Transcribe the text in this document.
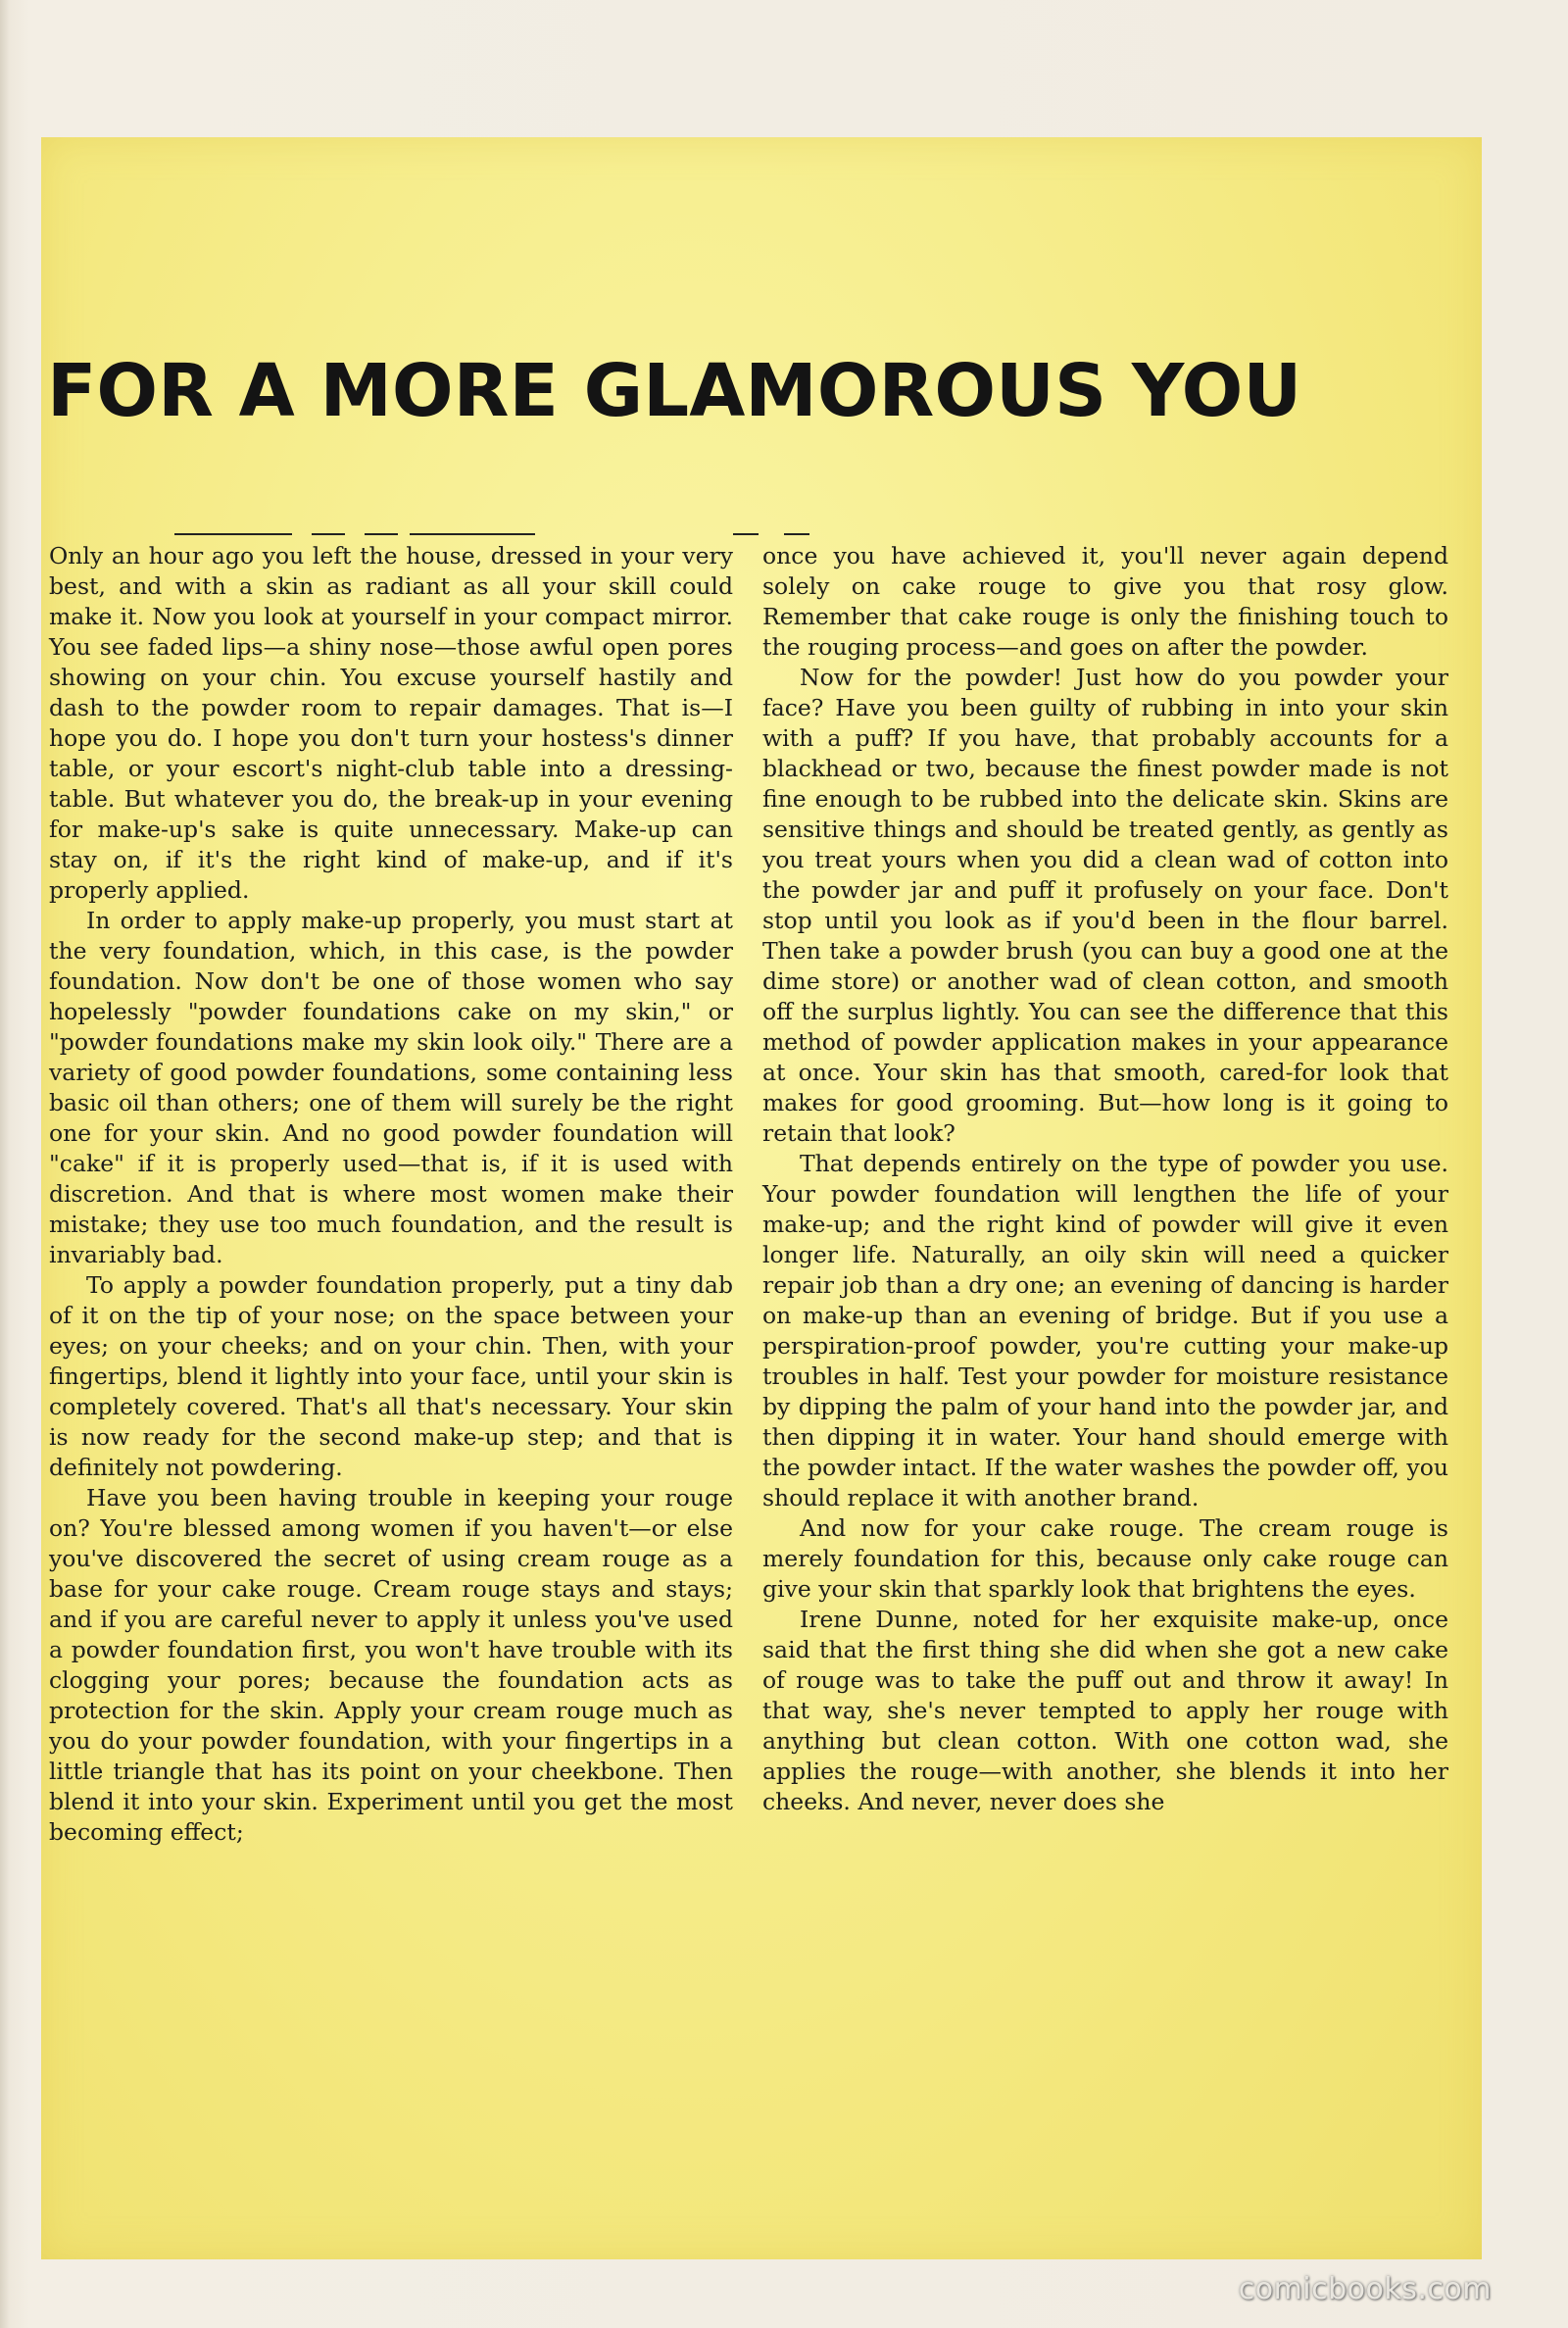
FOR A MORE GLAMOROUS YOU

Only an hour ago you left the house, dressed in your very best, and with a skin as radiant as all your skill could make it. Now you look at yourself in your compact mirror. You see faded lips—a shiny nose—those awful open pores showing on your chin. You excuse yourself hastily and dash to the powder room to repair damages. That is—I hope you do. I hope you don't turn your hostess's dinner table, or your escort's night-club table into a dressing-table. But whatever you do, the break-up in your evening for make-up's sake is quite unnecessary. Make-up can stay on, if it's the right kind of make-up, and if it's properly applied.

In order to apply make-up properly, you must start at the very foundation, which, in this case, is the powder foundation. Now don't be one of those women who say hopelessly "powder foundations cake on my skin," or "powder foundations make my skin look oily." There are a variety of good powder foundations, some containing less basic oil than others; one of them will surely be the right one for your skin. And no good powder foundation will "cake" if it is properly used—that is, if it is used with discretion. And that is where most women make their mistake; they use too much foundation, and the result is invariably bad.

To apply a powder foundation properly, put a tiny dab of it on the tip of your nose; on the space between your eyes; on your cheeks; and on your chin. Then, with your fingertips, blend it lightly into your face, until your skin is completely covered. That's all that's necessary. Your skin is now ready for the second make-up step; and that is definitely not powdering.

Have you been having trouble in keeping your rouge on? You're blessed among women if you haven't—or else you've discovered the secret of using cream rouge as a base for your cake rouge. Cream rouge stays and stays; and if you are careful never to apply it unless you've used a powder foundation first, you won't have trouble with its clogging your pores; because the foundation acts as protection for the skin. Apply your cream rouge much as you do your powder foundation, with your fingertips in a little triangle that has its point on your cheekbone. Then blend it into your skin. Experiment until you get the most becoming effect;

once you have achieved it, you'll never again depend solely on cake rouge to give you that rosy glow. Remember that cake rouge is only the finishing touch to the rouging process—and goes on after the powder.

Now for the powder! Just how do you powder your face? Have you been guilty of rubbing in into your skin with a puff? If you have, that probably accounts for a blackhead or two, because the finest powder made is not fine enough to be rubbed into the delicate skin. Skins are sensitive things and should be treated gently, as gently as you treat yours when you did a clean wad of cotton into the powder jar and puff it profusely on your face. Don't stop until you look as if you'd been in the flour barrel. Then take a powder brush (you can buy a good one at the dime store) or another wad of clean cotton, and smooth off the surplus lightly. You can see the difference that this method of powder application makes in your appearance at once. Your skin has that smooth, cared-for look that makes for good grooming. But—how long is it going to retain that look?

That depends entirely on the type of powder you use. Your powder foundation will lengthen the life of your make-up; and the right kind of powder will give it even longer life. Naturally, an oily skin will need a quicker repair job than a dry one; an evening of dancing is harder on make-up than an evening of bridge. But if you use a perspiration-proof powder, you're cutting your make-up troubles in half. Test your powder for moisture resistance by dipping the palm of your hand into the powder jar, and then dipping it in water. Your hand should emerge with the powder intact. If the water washes the powder off, you should replace it with another brand.

And now for your cake rouge. The cream rouge is merely foundation for this, because only cake rouge can give your skin that sparkly look that brightens the eyes.

Irene Dunne, noted for her exquisite make-up, once said that the first thing she did when she got a new cake of rouge was to take the puff out and throw it away! In that way, she's never tempted to apply her rouge with anything but clean cotton. With one cotton wad, she applies the rouge—with another, she blends it into her cheeks. And never, never does she

comicbooks.com
